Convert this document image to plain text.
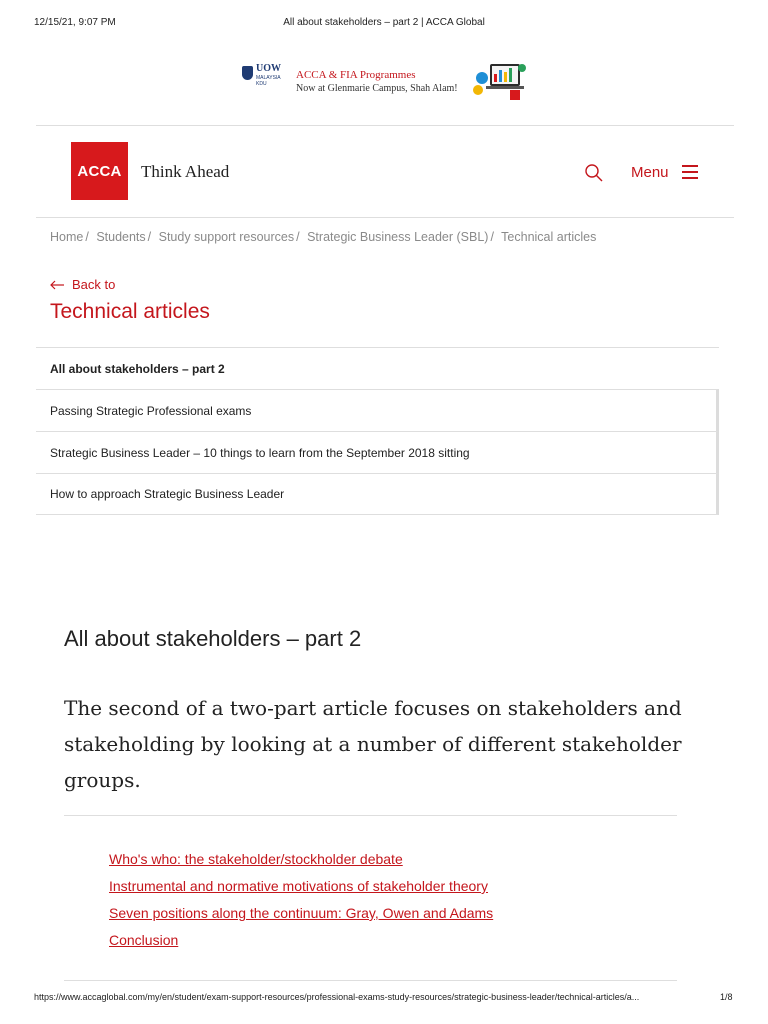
12/15/21, 9:07 PM	All about stakeholders – part 2 | ACCA Global
UOW
MALAYSIA KDU
ACCA & FIA Programmes
Now at Glenmarie Campus, Shah Alam!
ACCA	Think Ahead	Menu
Home / Students / Study support resources / Strategic Business Leader (SBL) / Technical articles
Back to
Technical articles
All about stakeholders – part 2
Passing Strategic Professional exams
Strategic Business Leader – 10 things to learn from the September 2018 sitting
How to approach Strategic Business Leader
All about stakeholders – part 2

The second of a two-part article focuses on stakeholders and stakeholding by looking at a number of different stakeholder groups.

Who's who: the stakeholder/stockholder debate
Instrumental and normative motivations of stakeholder theory
Seven positions along the continuum: Gray, Owen and Adams
Conclusion
https://www.accaglobal.com/my/en/student/exam-support-resources/professional-exams-study-resources/strategic-business-leader/technical-articles/a...	1/8
